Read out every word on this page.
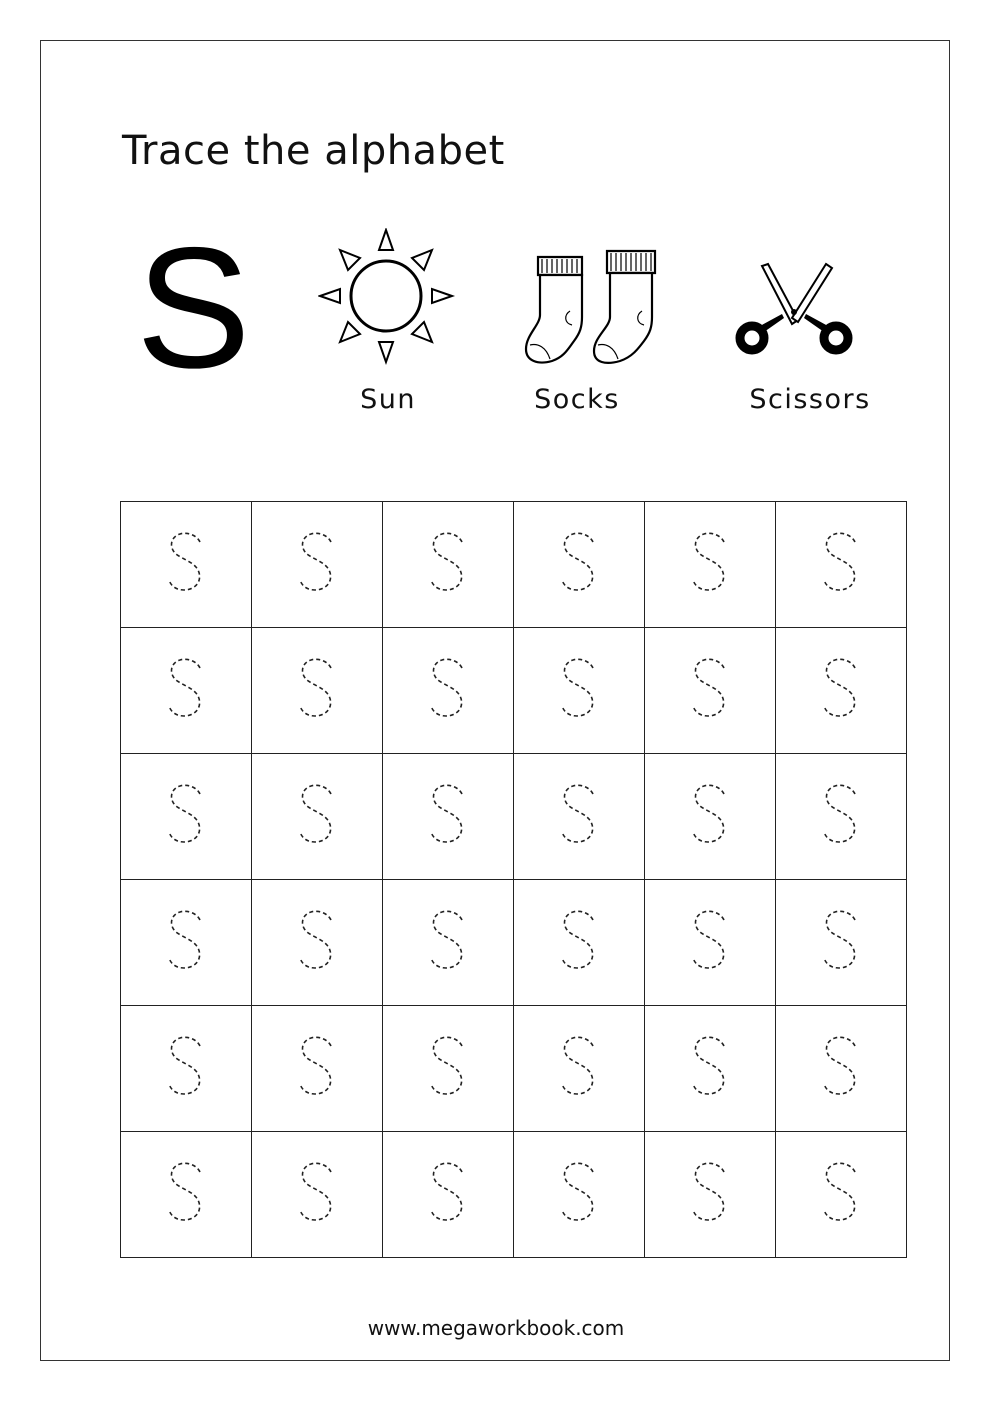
Trace the alphabet
S	Sun	Socks	Scissors

www.megaworkbook.com
